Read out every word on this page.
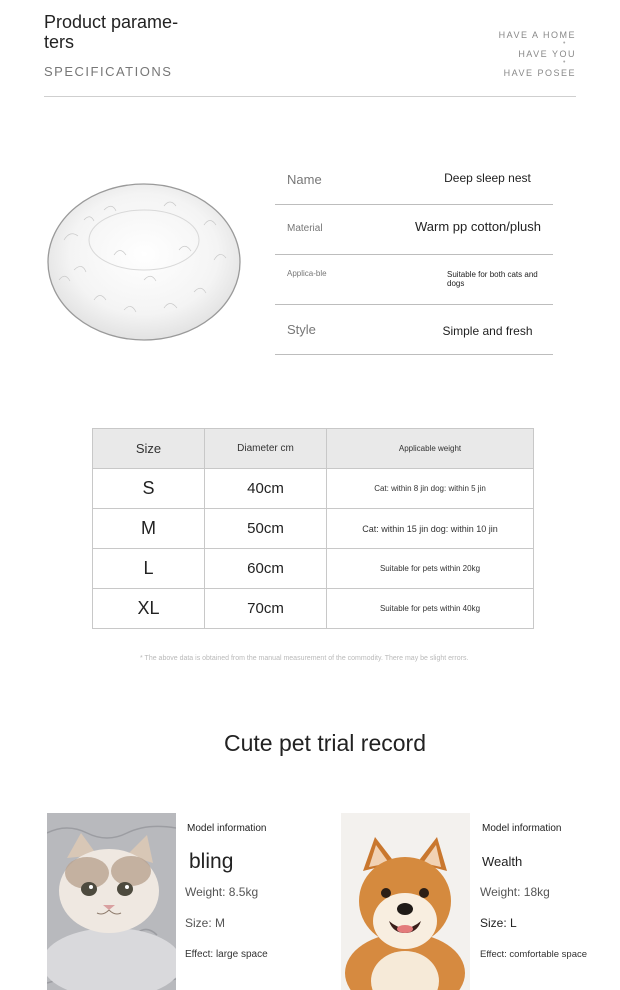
Product parame-ters
SPECIFICATIONS
HAVE A HOME
•
HAVE YOU
•
HAVE POSEE
Name	Deep sleep nest
Material	Warm pp cotton/plush
Applica-ble	Suitable for both cats and dogs
Style	Simple and fresh
Size	Diameter cm	Applicable weight
S	40cm	Cat: within 8 jin dog: within 5 jin
M	50cm	Cat: within 15 jin dog: within 10 jin
L	60cm	Suitable for pets within 20kg
XL	70cm	Suitable for pets within 40kg
* The above data is obtained from the manual measurement of the commodity. There may be slight errors.
Cute pet trial record
Model information
bling
Weight: 8.5kg
Size: M
Effect: large space
Model information
Wealth
Weight: 18kg
Size: L
Effect: comfortable space
